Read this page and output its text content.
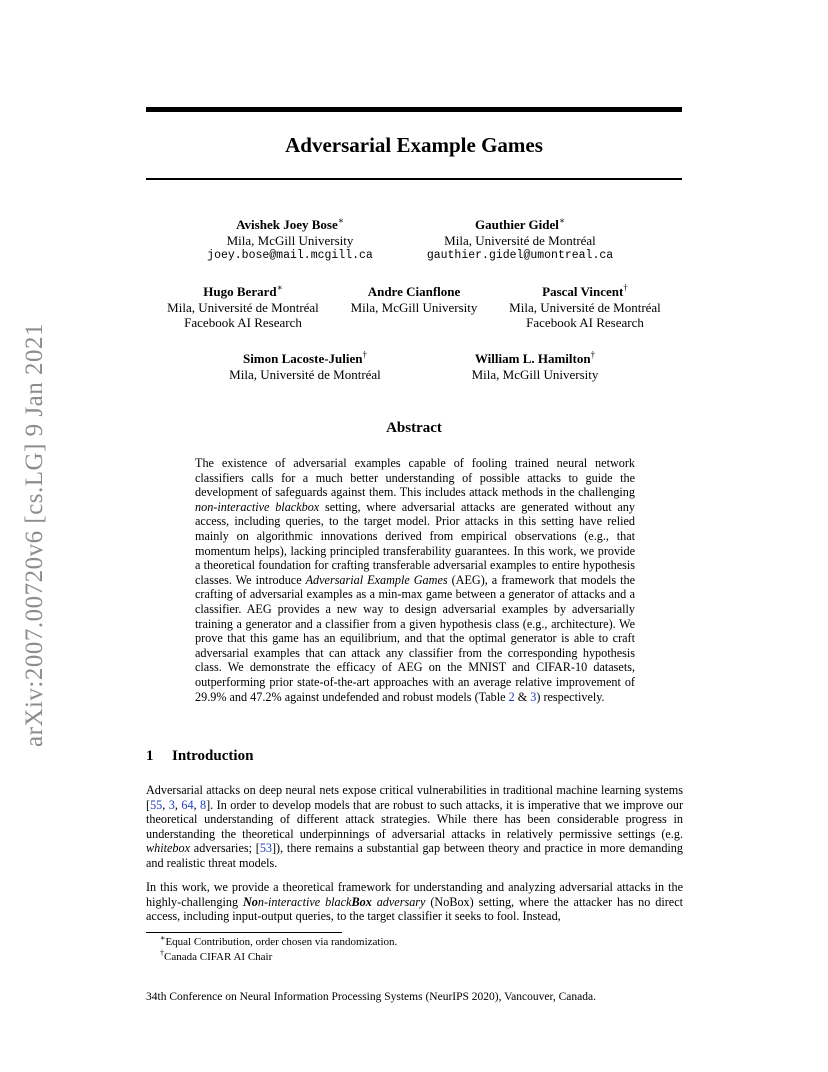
arXiv:2007.00720v6 [cs.LG] 9 Jan 2021
Adversarial Example Games
Avishek Joey Bose∗
Mila, McGill University
joey.bose@mail.mcgill.ca
Gauthier Gidel∗
Mila, Université de Montréal
gauthier.gidel@umontreal.ca
Hugo Berard∗
Mila, Université de Montréal
Facebook AI Research
Andre Cianflone
Mila, McGill University
Pascal Vincent†
Mila, Université de Montréal
Facebook AI Research
Simon Lacoste-Julien†
Mila, Université de Montréal
William L. Hamilton†
Mila, McGill University
Abstract
The existence of adversarial examples capable of fooling trained neural network classifiers calls for a much better understanding of possible attacks to guide the development of safeguards against them. This includes attack methods in the challenging non-interactive blackbox setting, where adversarial attacks are generated without any access, including queries, to the target model. Prior attacks in this setting have relied mainly on algorithmic innovations derived from empirical observations (e.g., that momentum helps), lacking principled transferability guarantees. In this work, we provide a theoretical foundation for crafting transferable adversarial examples to entire hypothesis classes. We introduce Adversarial Example Games (AEG), a framework that models the crafting of adversarial examples as a min-max game between a generator of attacks and a classifier. AEG provides a new way to design adversarial examples by adversarially training a generator and a classifier from a given hypothesis class (e.g., architecture). We prove that this game has an equilibrium, and that the optimal generator is able to craft adversarial examples that can attack any classifier from the corresponding hypothesis class. We demonstrate the efficacy of AEG on the MNIST and CIFAR-10 datasets, outperforming prior state-of-the-art approaches with an average relative improvement of 29.9% and 47.2% against undefended and robust models (Table 2 & 3) respectively.
1 Introduction
Adversarial attacks on deep neural nets expose critical vulnerabilities in traditional machine learning systems [55, 3, 64, 8]. In order to develop models that are robust to such attacks, it is imperative that we improve our theoretical understanding of different attack strategies. While there has been considerable progress in understanding the theoretical underpinnings of adversarial attacks in relatively permissive settings (e.g. whitebox adversaries; [53]), there remains a substantial gap between theory and practice in more demanding and realistic threat models.
In this work, we provide a theoretical framework for understanding and analyzing adversarial attacks in the highly-challenging Non-interactive blackBox adversary (NoBox) setting, where the attacker has no direct access, including input-output queries, to the target classifier it seeks to fool. Instead,
∗Equal Contribution, order chosen via randomization.
†Canada CIFAR AI Chair
34th Conference on Neural Information Processing Systems (NeurIPS 2020), Vancouver, Canada.
